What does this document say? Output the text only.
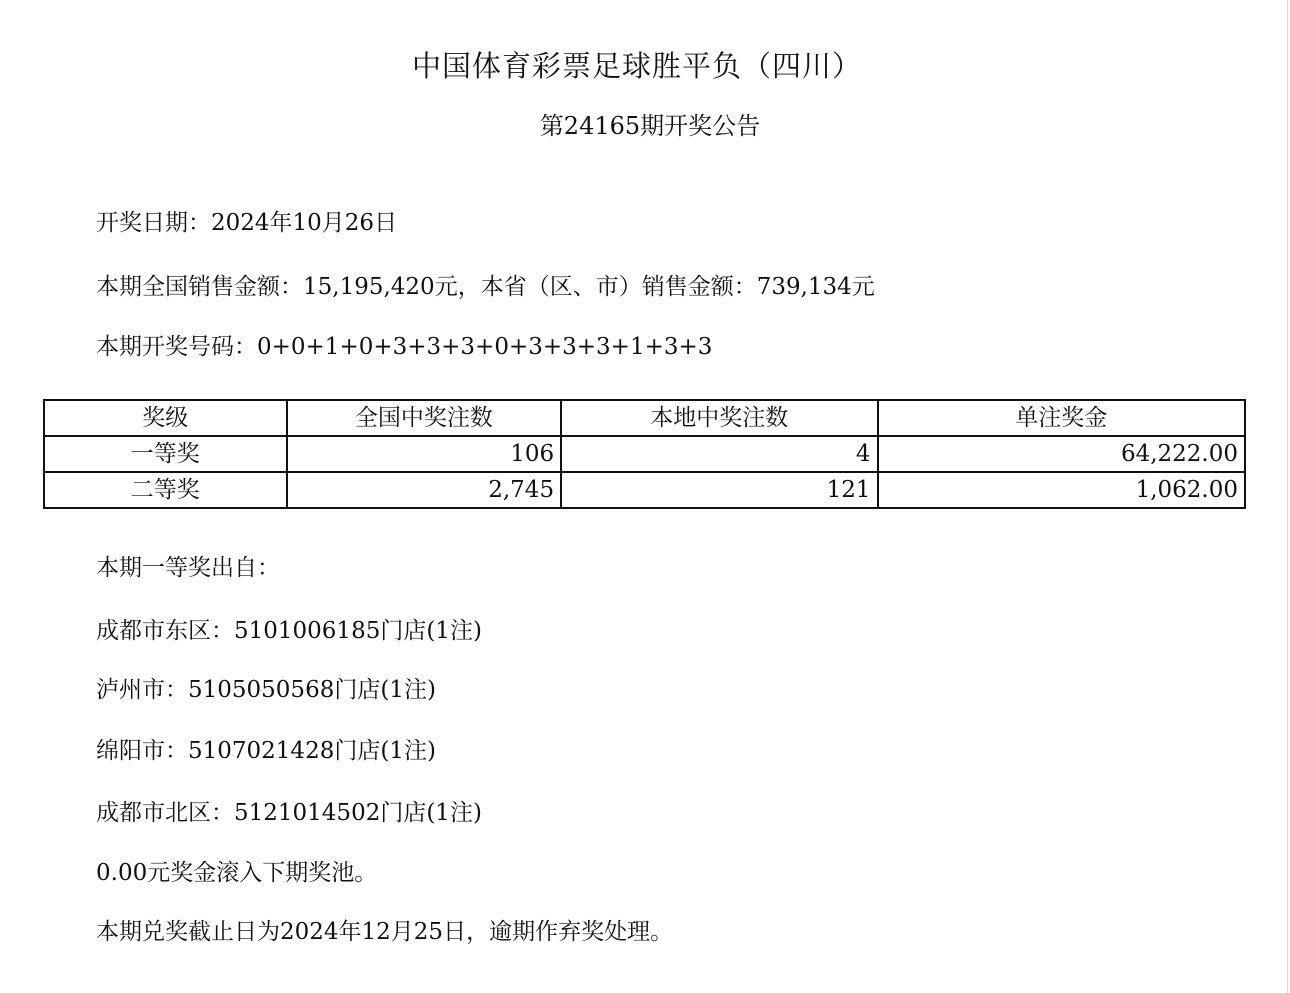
中国体育彩票足球胜平负（四川）
第24165期开奖公告
开奖日期：2024年10月26日
本期全国销售金额：15,195,420元，本省（区、市）销售金额：739,134元
本期开奖号码：0+0+1+0+3+3+3+0+3+3+3+1+3+3
奖级	全国中奖注数	本地中奖注数	单注奖金
一等奖	106	4	64,222.00
二等奖	2,745	121	1,062.00
本期一等奖出自：
成都市东区：5101006185门店(1注)
泸州市：5105050568门店(1注)
绵阳市：5107021428门店(1注)
成都市北区：5121014502门店(1注)
0.00元奖金滚入下期奖池。
本期兑奖截止日为2024年12月25日，逾期作弃奖处理。
